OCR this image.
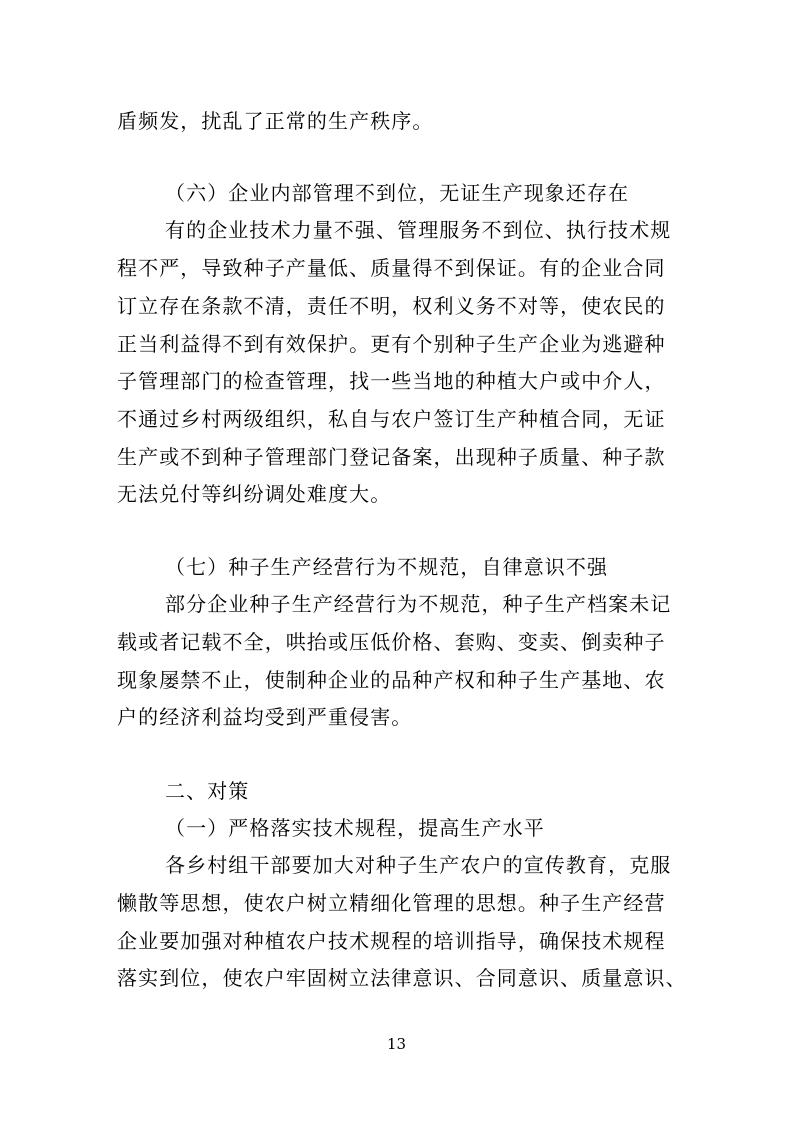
盾频发，扰乱了正常的生产秩序。
（六）企业内部管理不到位，无证生产现象还存在
有的企业技术力量不强、管理服务不到位、执行技术规
程不严，导致种子产量低、质量得不到保证。有的企业合同
订立存在条款不清，责任不明，权利义务不对等，使农民的
正当利益得不到有效保护。更有个别种子生产企业为逃避种
子管理部门的检查管理，找一些当地的种植大户或中介人，
不通过乡村两级组织，私自与农户签订生产种植合同，无证
生产或不到种子管理部门登记备案，出现种子质量、种子款
无法兑付等纠纷调处难度大。
（七）种子生产经营行为不规范，自律意识不强
部分企业种子生产经营行为不规范，种子生产档案未记
载或者记载不全，哄抬或压低价格、套购、变卖、倒卖种子
现象屡禁不止，使制种企业的品种产权和种子生产基地、农
户的经济利益均受到严重侵害。
二、对策
（一）严格落实技术规程，提高生产水平
各乡村组干部要加大对种子生产农户的宣传教育，克服
懒散等思想，使农户树立精细化管理的思想。种子生产经营
企业要加强对种植农户技术规程的培训指导，确保技术规程
落实到位，使农户牢固树立法律意识、合同意识、质量意识、
13
